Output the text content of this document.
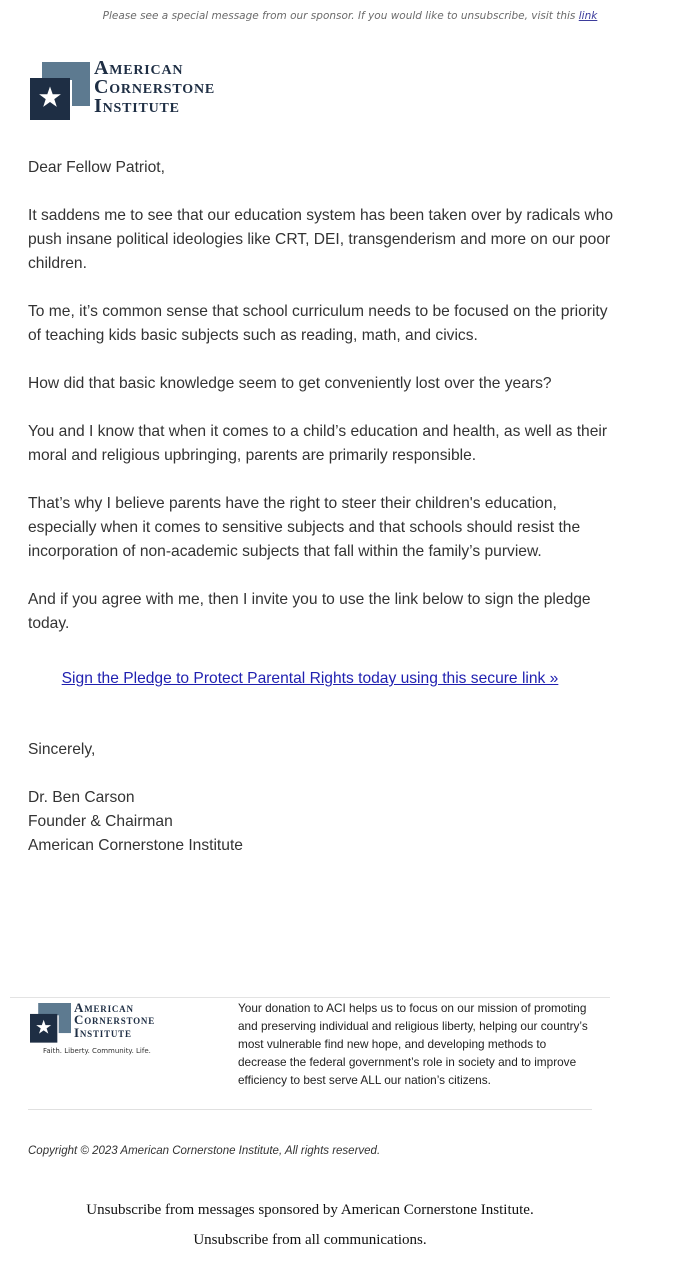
Please see a special message from our sponsor. If you would like to unsubscribe, visit this link
American
Cornerstone
Institute

Dear Fellow Patriot,

It saddens me to see that our education system has been taken over by radicals who push insane political ideologies like CRT, DEI, transgenderism and more on our poor children.

To me, it’s common sense that school curriculum needs to be focused on the priority of teaching kids basic subjects such as reading, math, and civics.

How did that basic knowledge seem to get conveniently lost over the years?

You and I know that when it comes to a child’s education and health, as well as their moral and religious upbringing, parents are primarily responsible.

That’s why I believe parents have the right to steer their children's education, especially when it comes to sensitive subjects and that schools should resist the incorporation of non-academic subjects that fall within the family’s purview.

And if you agree with me, then I invite you to use the link below to sign the pledge today.

Sign the Pledge to Protect Parental Rights today using this secure link »
Sincerely,
Dr. Ben Carson
Founder & Chairman
American Cornerstone Institute
American
Cornerstone
Institute
Faith. Liberty. Community. Life.
Your donation to ACI helps us to focus on our mission of promoting and preserving individual and religious liberty, helping our country’s most vulnerable find new hope, and developing methods to decrease the federal government’s role in society and to improve efficiency to best serve ALL our nation’s citizens.
Copyright © 2023 American Cornerstone Institute, All rights reserved.
Unsubscribe from messages sponsored by American Cornerstone Institute.
Unsubscribe from all communications.
